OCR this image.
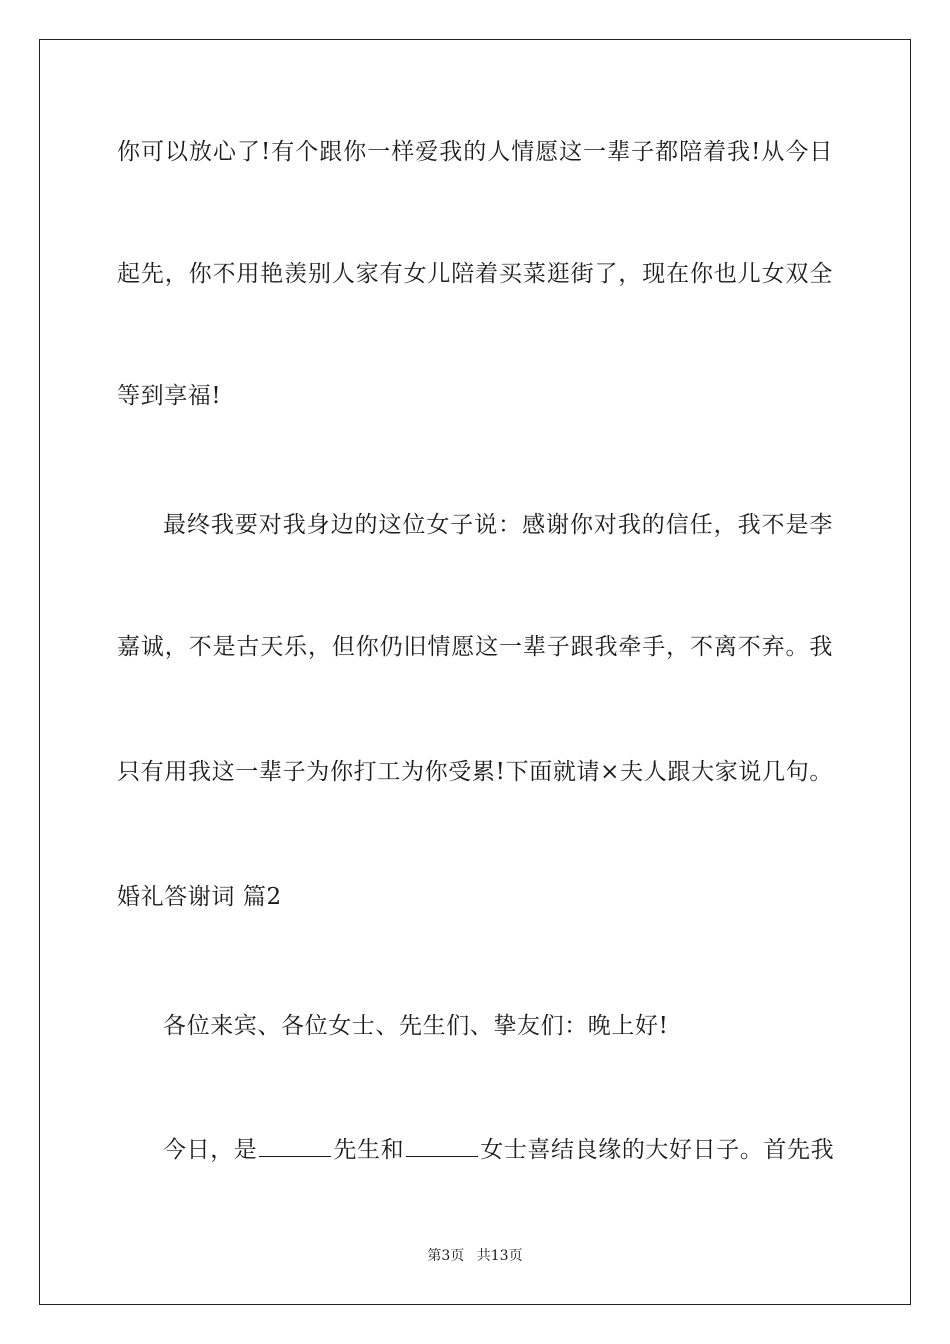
你可以放心了!有个跟你一样爱我的人情愿这一辈子都陪着我!从今日
起先，你不用艳羡别人家有女儿陪着买菜逛街了，现在你也儿女双全
等到享福!
最终我要对我身边的这位女子说：感谢你对我的信任，我不是李
嘉诚，不是古天乐，但你仍旧情愿这一辈子跟我牵手，不离不弃。我
只有用我这一辈子为你打工为你受累!下面就请×夫人跟大家说几句。
婚礼答谢词 篇2
各位来宾、各位女士、先生们、挚友们：晚上好!
今日，是	先生和	女士喜结良缘的大好日子。首先我
第3页 共13页
